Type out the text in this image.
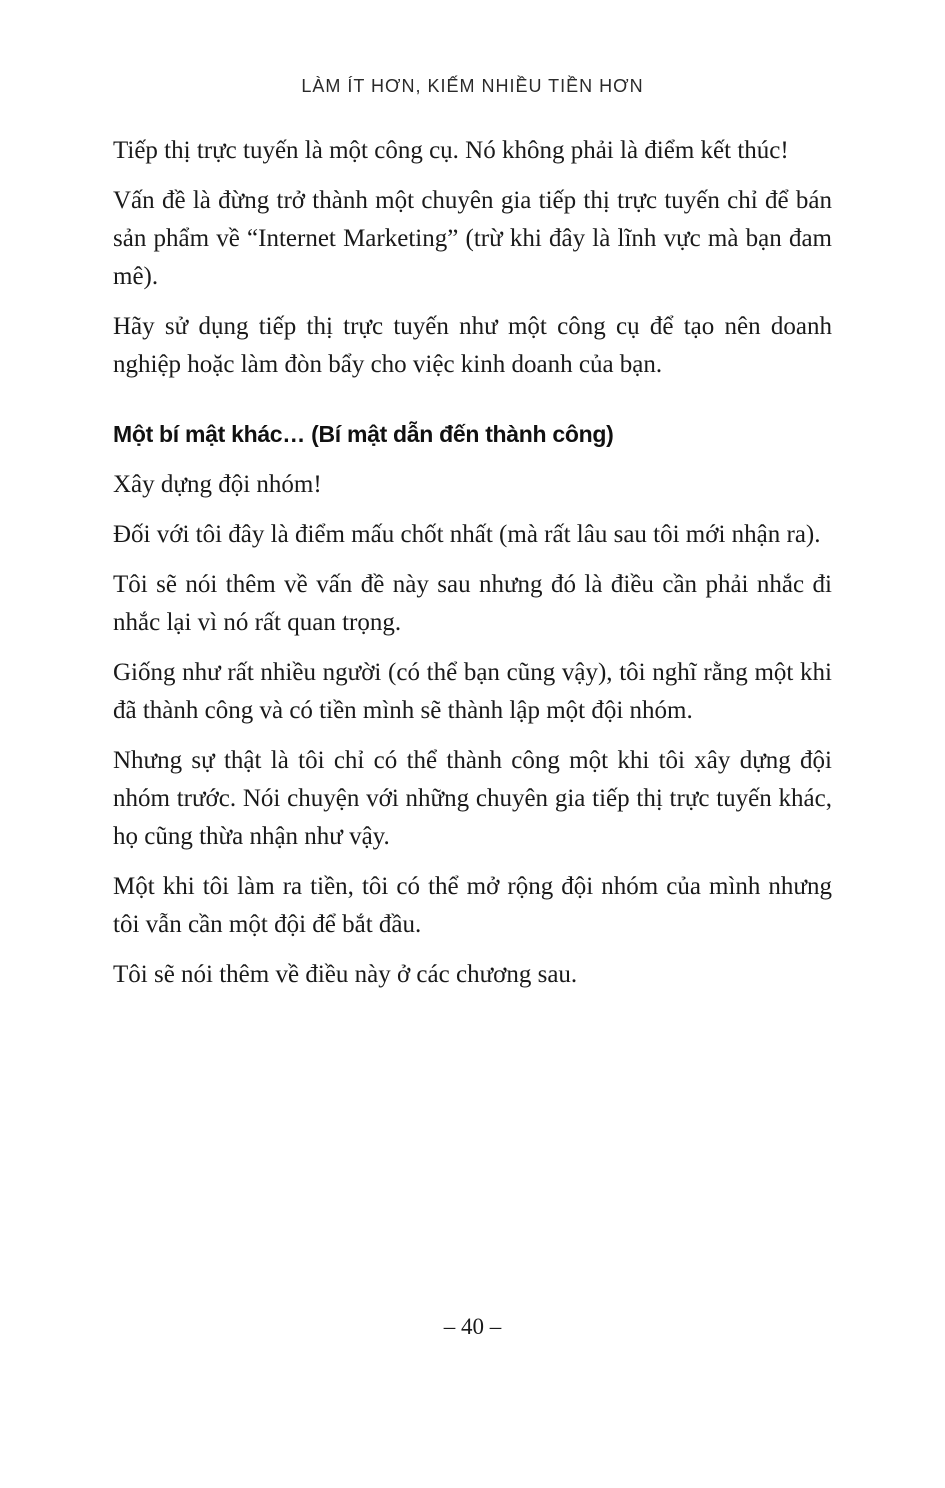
LÀM ÍT HƠN, KIẾM NHIỀU TIỀN HƠN

Tiếp thị trực tuyến là một công cụ. Nó không phải là điểm kết thúc!

Vấn đề là đừng trở thành một chuyên gia tiếp thị trực tuyến chỉ để bán sản phẩm về “Internet Marketing” (trừ khi đây là lĩnh vực mà bạn đam mê).

Hãy sử dụng tiếp thị trực tuyến như một công cụ để tạo nên doanh nghiệp hoặc làm đòn bẩy cho việc kinh doanh của bạn.

Một bí mật khác… (Bí mật dẫn đến thành công)

Xây dựng đội nhóm!

Đối với tôi đây là điểm mấu chốt nhất (mà rất lâu sau tôi mới nhận ra).

Tôi sẽ nói thêm về vấn đề này sau nhưng đó là điều cần phải nhắc đi nhắc lại vì nó rất quan trọng.

Giống như rất nhiều người (có thể bạn cũng vậy), tôi nghĩ rằng một khi đã thành công và có tiền mình sẽ thành lập một đội nhóm.

Nhưng sự thật là tôi chỉ có thể thành công một khi tôi xây dựng đội nhóm trước. Nói chuyện với những chuyên gia tiếp thị trực tuyến khác, họ cũng thừa nhận như vậy.

Một khi tôi làm ra tiền, tôi có thể mở rộng đội nhóm của mình nhưng tôi vẫn cần một đội để bắt đầu.

Tôi sẽ nói thêm về điều này ở các chương sau.

– 40 –
